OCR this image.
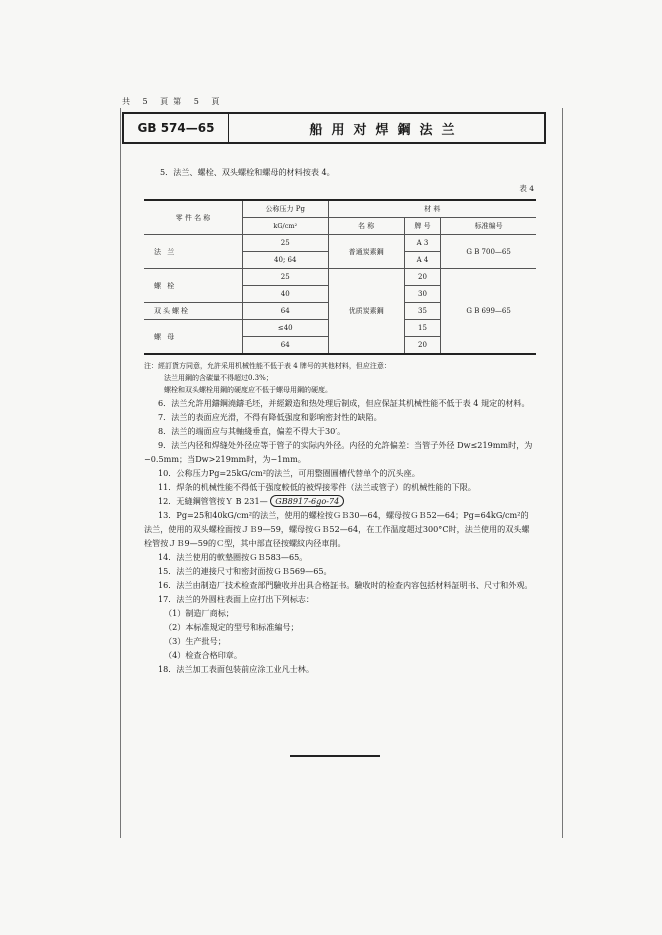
共 5 頁第 5 頁
GB 574—65	船用对焊鋼法兰

5．法兰、螺栓、双头螺栓和螺母的材料按表 4。

表 4
零 件 名 称	公称压力 Pg	材 料		
	kG/cm²	名 称	牌 号	标准编号
法 兰	25	普通炭素鋼	A 3	G B 700—65
	40; 64		A 4	
螺 栓	25	优质炭素鋼	20	G B 699—65
	40		30	
双头螺栓	64		35	
螺 母	≤40		15	
	64		20	
注：經訂貨方同意，允許采用机械性能不低于表 4 牌号的其他材料，但应注意：
法兰用鋼的含碳量不得超过0.3%；
螺栓和双头螺栓用鋼的硬度应不低于螺母用鋼的硬度。

6．法兰允許用鑄鋼澆鑄毛坯，并經鍛造和热处理后制成，但应保証其机械性能不低于表 4 規定的材料。

7．法兰的表面应光滑，不得有降低强度和影响密封性的缺陷。

8．法兰的端面应与其軸綫垂直，偏差不得大于30′。

9．法兰内径和焊缝处外径应等于管子的实际内外径。内径的允許偏差：当管子外径 Dw≤219mm时，为−0.5mm；当Dw>219mm时，为−1mm。

10．公称压力Pg=25kG/cm²的法兰，可用整圈圓槽代替单个的沉头座。

11．焊条的机械性能不得低于强度較低的被焊接零件（法兰或管子）的机械性能的下限。

12．无縫鋼管管按Ｙ B 231— GB8917-6go-74

13．Pg=25和40kG/cm²的法兰，使用的螺栓按ＧＢ30—64，螺母按ＧＢ52—64；Pg=64kG/cm²的法兰，使用的双头螺栓面按ＪＢ9—59，螺母按ＧＢ52—64，在工作温度超过300°C时，法兰使用的双头螺栓管按ＪＢ9—59的Ｃ型，其中部直径按螺紋内径車削。

14．法兰使用的軟墊圈按ＧＢ583—65。

15．法兰的連接尺寸和密封面按ＧＢ569—65。

16．法兰由制造厂技术检查部門驗收并出具合格証书。驗收时的检查内容包括材料証明书、尺寸和外观。

17．法兰的外圆柱表面上应打出下列标志：

（1）制造厂商标；
（2）本标准規定的型号和标准編号；
（3）生产批号；
（4）检查合格印章。

18．法兰加工表面包装前应涂工业凡士林。
